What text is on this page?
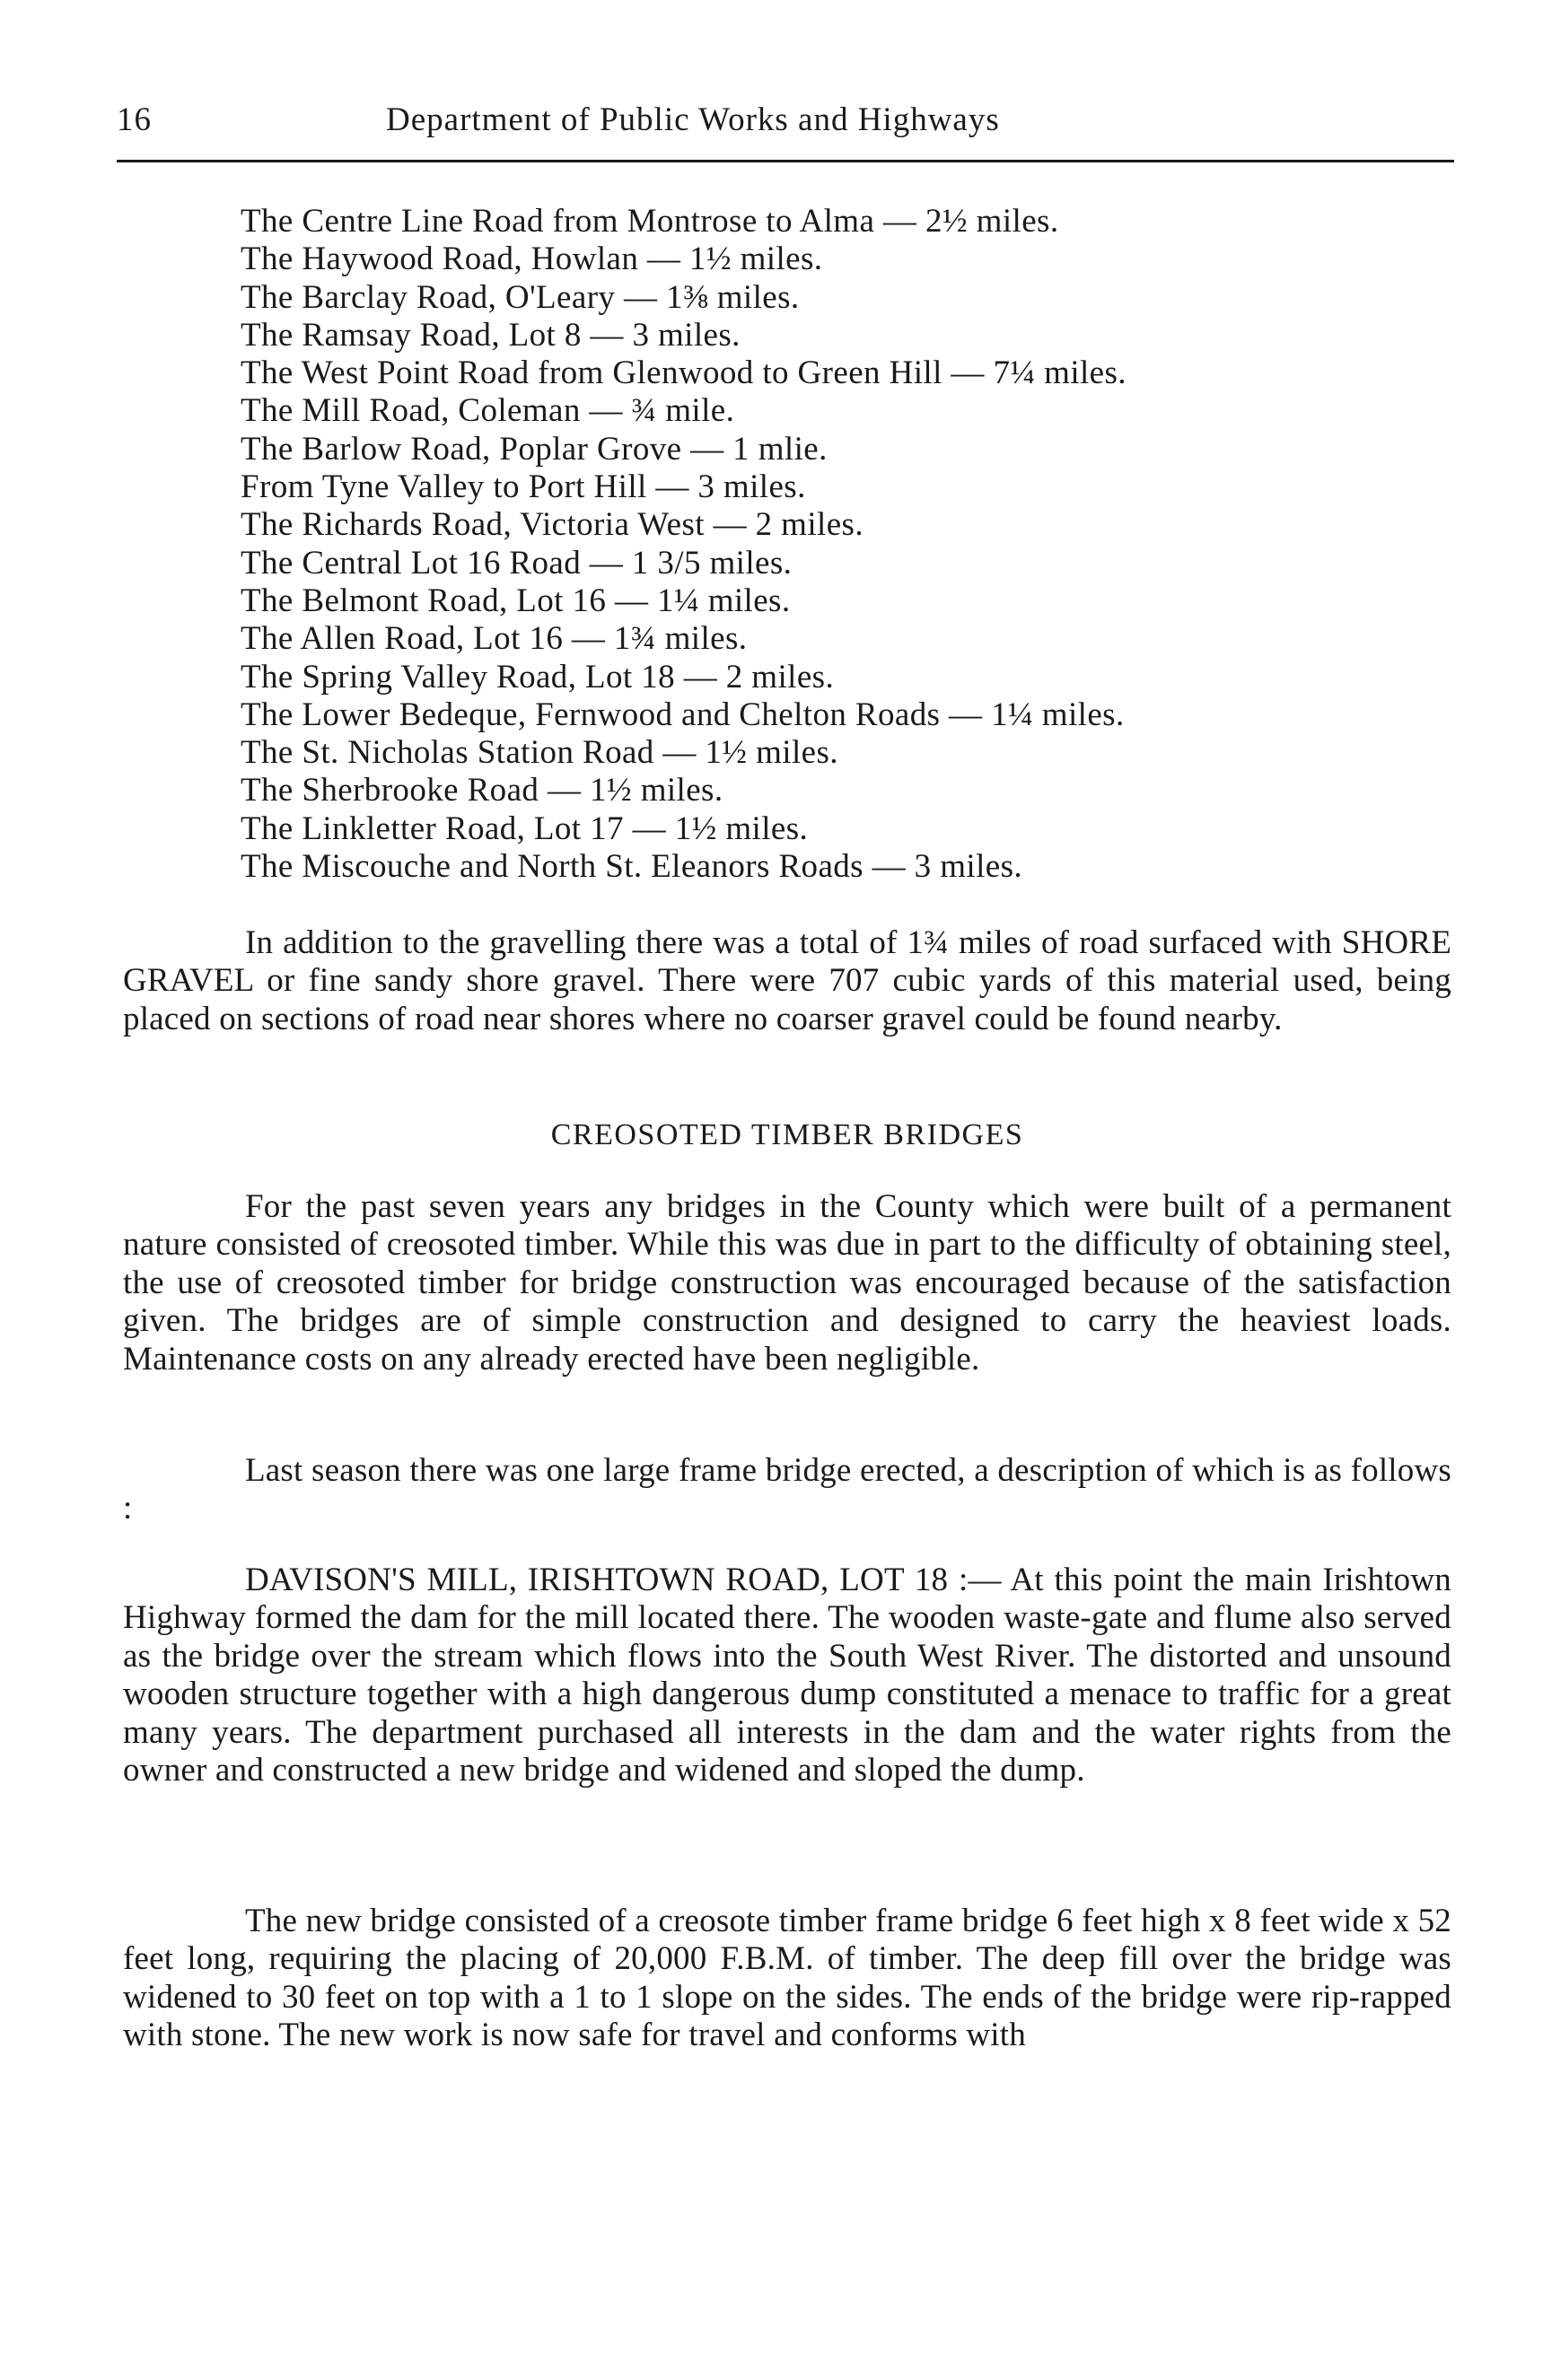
16	Department of Public Works and Highways
The Centre Line Road from Montrose to Alma — 2½ miles.
The Haywood Road, Howlan — 1½ miles.
The Barclay Road, O'Leary — 1⅜ miles.
The Ramsay Road, Lot 8 — 3 miles.
The West Point Road from Glenwood to Green Hill — 7¼ miles.
The Mill Road, Coleman — ¾ mile.
The Barlow Road, Poplar Grove — 1 mlie.
From Tyne Valley to Port Hill — 3 miles.
The Richards Road, Victoria West — 2 miles.
The Central Lot 16 Road — 1 3/5 miles.
The Belmont Road, Lot 16 — 1¼ miles.
The Allen Road, Lot 16 — 1¾ miles.
The Spring Valley Road, Lot 18 — 2 miles.
The Lower Bedeque, Fernwood and Chelton Roads — 1¼ miles.
The St. Nicholas Station Road — 1½ miles.
The Sherbrooke Road — 1½ miles.
The Linkletter Road, Lot 17 — 1½ miles.
The Miscouche and North St. Eleanors Roads — 3 miles.

In addition to the gravelling there was a total of 1¾ miles of road surfaced with SHORE GRAVEL or fine sandy shore gravel. There were 707 cubic yards of this material used, being placed on sections of road near shores where no coarser gravel could be found nearby.

CREOSOTED TIMBER BRIDGES

For the past seven years any bridges in the County which were built of a permanent nature consisted of creosoted timber. While this was due in part to the difficulty of obtaining steel, the use of creosoted timber for bridge construction was encouraged because of the satisfaction given. The bridges are of simple construction and designed to carry the heaviest loads. Maintenance costs on any already erected have been negligible.

Last season there was one large frame bridge erected, a description of which is as follows :

DAVISON'S MILL, IRISHTOWN ROAD, LOT 18 :— At this point the main Irishtown Highway formed the dam for the mill located there. The wooden waste-gate and flume also served as the bridge over the stream which flows into the South West River. The distorted and unsound wooden structure together with a high dangerous dump constituted a menace to traffic for a great many years. The department purchased all interests in the dam and the water rights from the owner and constructed a new bridge and widened and sloped the dump.

The new bridge consisted of a creosote timber frame bridge 6 feet high x 8 feet wide x 52 feet long, requiring the placing of 20,000 F.B.M. of timber. The deep fill over the bridge was widened to 30 feet on top with a 1 to 1 slope on the sides. The ends of the bridge were rip-rapped with stone. The new work is now safe for travel and conforms with
